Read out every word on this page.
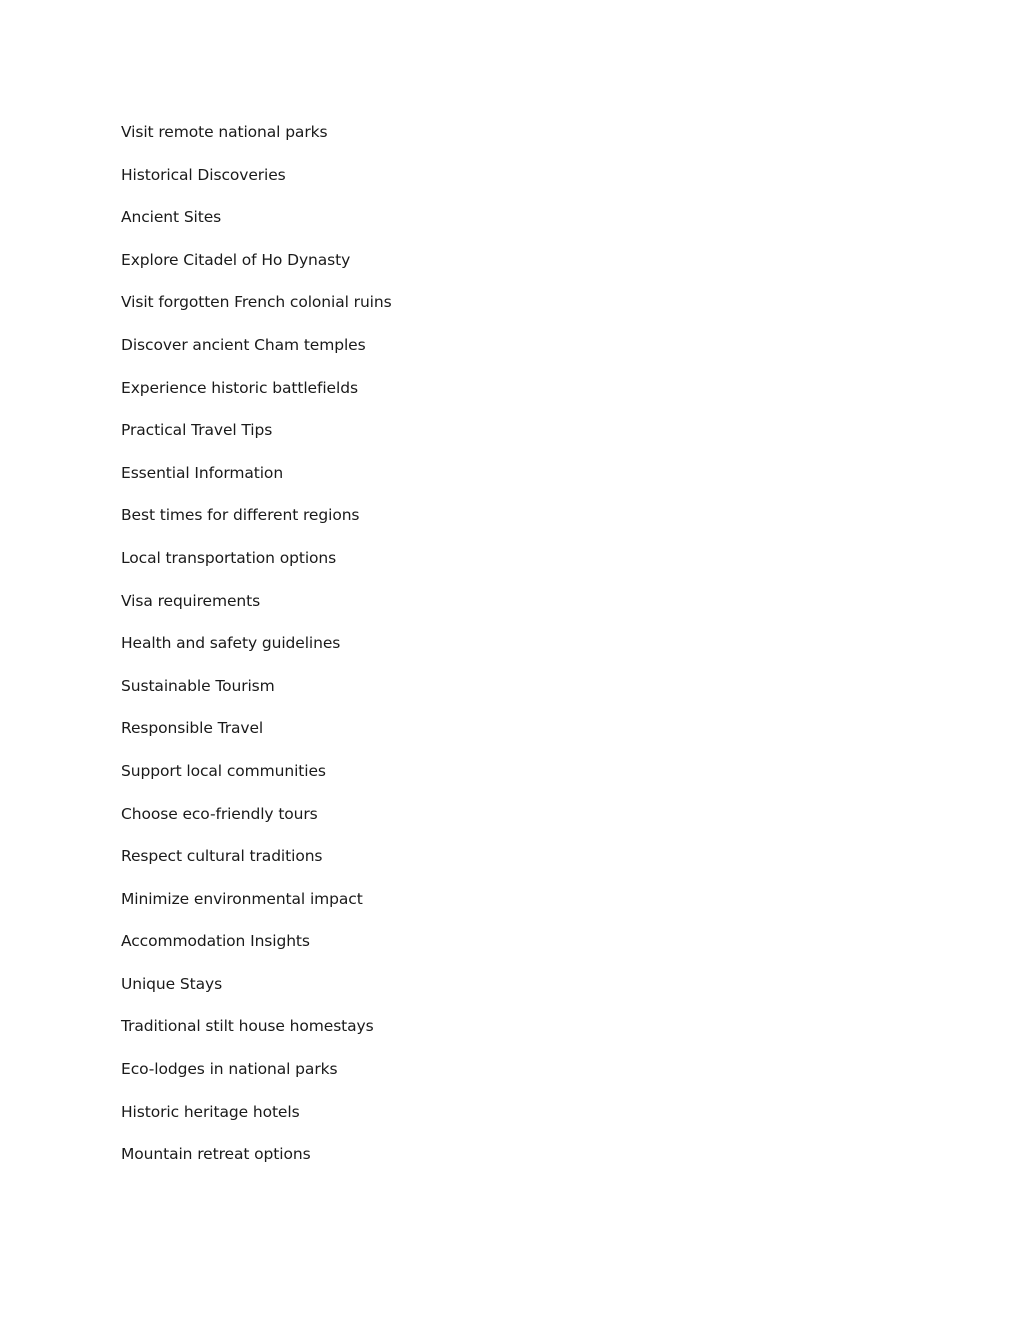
Visit remote national parks
Historical Discoveries
Ancient Sites
Explore Citadel of Ho Dynasty
Visit forgotten French colonial ruins
Discover ancient Cham temples
Experience historic battlefields
Practical Travel Tips
Essential Information
Best times for different regions
Local transportation options
Visa requirements
Health and safety guidelines
Sustainable Tourism
Responsible Travel
Support local communities
Choose eco-friendly tours
Respect cultural traditions
Minimize environmental impact
Accommodation Insights
Unique Stays
Traditional stilt house homestays
Eco-lodges in national parks
Historic heritage hotels
Mountain retreat options
